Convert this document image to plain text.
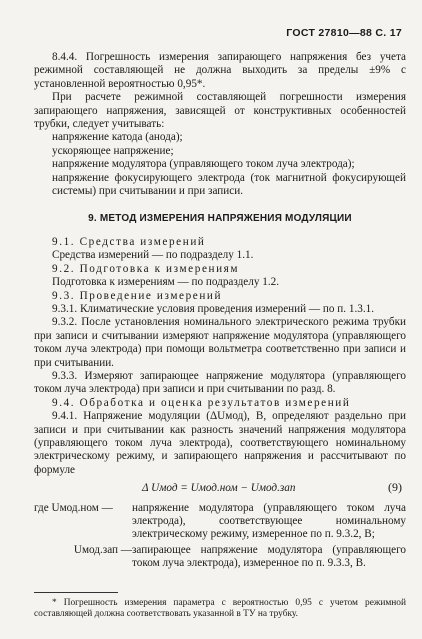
ГОСТ 27810—88 С. 17

8.4.4. Погрешность измерения запирающего напряжения без учета режимной составляющей не должна выходить за пределы ±9% с установленной вероятностью 0,95*.

При расчете режимной составляющей погрешности измерения запирающего напряжения, зависящей от конструктивных особенностей трубки, следует учитывать:

напряжение катода (анода);

ускоряющее напряжение;

напряжение модулятора (управляющего током луча электрода);

напряжение фокусирующего электрода (ток магнитной фокусирующей системы) при считывании и при записи.

9. МЕТОД ИЗМЕРЕНИЯ НАПРЯЖЕНИЯ МОДУЛЯЦИИ

9.1. Средства измерений

Средства измерений — по подразделу 1.1.

9.2. Подготовка к измерениям

Подготовка к измерениям — по подразделу 1.2.

9.3. Проведение измерений

9.3.1. Климатические условия проведения измерений — по п. 1.3.1.

9.3.2. После установления номинального электрического режима трубки при записи и считывании измеряют напряжение модулятора (управляющего током луча электрода) при помощи вольтметра соответственно при записи и при считывании.

9.3.3. Измеряют запирающее напряжение модулятора (управляющего током луча электрода) при записи и при считывании по разд. 8.

9.4. Обработка и оценка результатов измерений

9.4.1. Напряжение модуляции (ΔUмод), В, определяют раздельно при записи и при считывании как разность значений напряжения модулятора (управляющего током луча электрода), соответствующего номинальному электрическому режиму, и запирающего напряжения и рассчитывают по формуле

Δ Uмод = Uмод.ном − Uмод.зап	(9)
где Uмод.ном —	напряжение модулятора (управляющего током луча электрода), соответствующее номинальному электрическому режиму, измеренное по п. 9.3.2, В;
Uмод.зап — запирающее напряжение модулятора (управляющего током луча электрода), измеренное по п. 9.3.3, В.
* Погрешность измерения параметра с вероятностью 0,95 с учетом режимной составляющей должна соответствовать указанной в ТУ на трубку.
